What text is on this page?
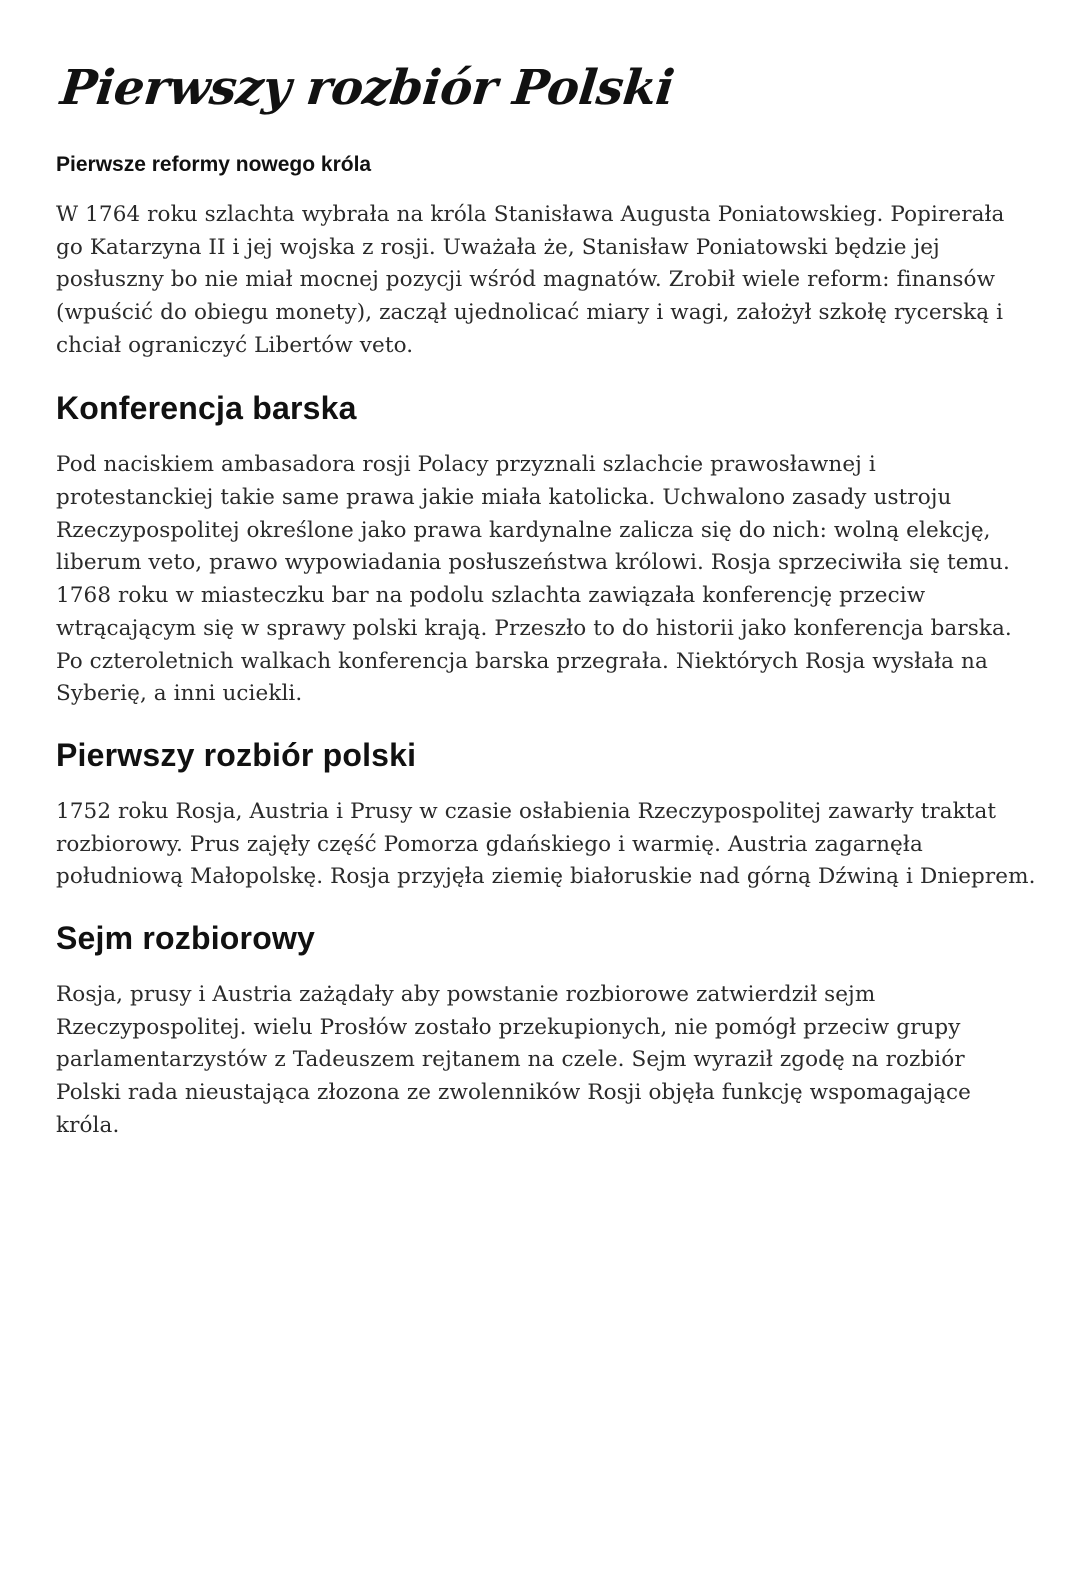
Pierwszy rozbiór Polski
Pierwsze reformy nowego króla

W 1764 roku szlachta wybrała na króla Stanisława Augusta Poniatowskieg. Popirerała go Katarzyna II i jej wojska z rosji. Uważała że, Stanisław Poniatowski będzie jej posłuszny bo nie miał mocnej pozycji wśród magnatów. Zrobił wiele reform: finansów (wpuścić do obiegu monety), zaczął ujednolicać miary i wagi, założył szkołę rycerską i chciał ograniczyć Libertów veto.

Konferencja barska

Pod naciskiem ambasadora rosji Polacy przyznali szlachcie prawosławnej i protestanckiej takie same prawa jakie miała katolicka. Uchwalono zasady ustroju Rzeczypospolitej określone jako prawa kardynalne zalicza się do nich: wolną elekcję, liberum veto, prawo wypowiadania posłuszeństwa królowi. Rosja sprzeciwiła się temu. 1768 roku w miasteczku bar na podolu szlachta zawiązała konferencję przeciw wtrącającym się w sprawy polski krają. Przeszło to do historii jako konferencja barska. Po czteroletnich walkach konferencja barska przegrała. Niektórych Rosja wysłała na Syberię, a inni uciekli.

Pierwszy rozbiór polski

1752 roku Rosja, Austria i Prusy w czasie osłabienia Rzeczypospolitej zawarły traktat rozbiorowy. Prus zajęły część Pomorza gdańskiego i warmię. Austria zagarnęła południową Małopolskę. Rosja przyjęła ziemię białoruskie nad górną Dźwiną i Dnieprem.

Sejm rozbiorowy

Rosja, prusy i Austria zażądały aby powstanie rozbiorowe zatwierdził sejm Rzeczypospolitej. wielu Prosłów zostało przekupionych, nie pomógł przeciw grupy parlamentarzystów z Tadeuszem rejtanem na czele. Sejm wyraził zgodę na rozbiór Polski rada nieustająca złozona ze zwolenników Rosji objęła funkcję wspomagające króla.
